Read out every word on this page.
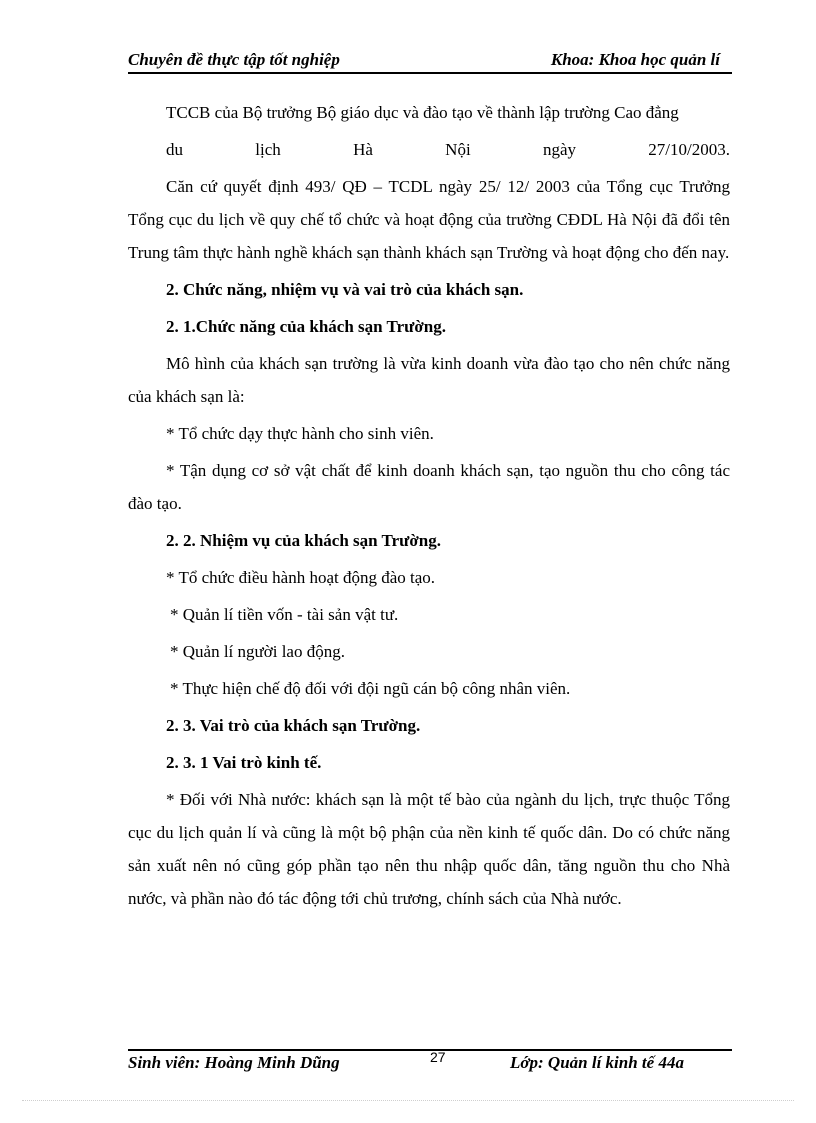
Chuyên đề thực tập tốt nghiệp	Khoa: Khoa học quản lí

TCCB của Bộ trưởng Bộ giáo dục và đào tạo về thành lập trường Cao đẳng

du	lịch	Hà	Nội	ngày	27/10/2003.

Căn cứ quyết định 493/ QĐ – TCDL ngày 25/ 12/ 2003 của Tổng cục Trưởng Tổng cục du lịch về quy chế tổ chức và hoạt động của trường CĐDL Hà Nội đã đổi tên Trung tâm thực hành nghề khách sạn thành khách sạn Trường và hoạt động cho đến nay.

2. Chức năng, nhiệm vụ và vai trò của khách sạn.

2. 1.Chức năng của khách sạn Trường.

Mô hình của khách sạn trường là vừa kinh doanh vừa đào tạo cho nên chức năng của khách sạn là:

* Tổ chức dạy thực hành cho sinh viên.

* Tận dụng cơ sở vật chất để kinh doanh khách sạn, tạo nguồn thu cho công tác đào tạo.

2. 2. Nhiệm vụ của khách sạn Trường.

* Tổ chức điều hành hoạt động đào tạo.

* Quản lí tiền vốn - tài sản vật tư.

* Quản lí người lao động.

* Thực hiện chế độ đối với đội ngũ cán bộ công nhân viên.

2. 3. Vai trò của khách sạn Trường.

2. 3. 1 Vai trò kinh tế.

* Đối với Nhà nước: khách sạn là một tế bào của ngành du lịch, trực thuộc Tổng cục du lịch quản lí và cũng là một bộ phận của nền kinh tế quốc dân. Do có chức năng sản xuất nên nó cũng góp phần tạo nên thu nhập quốc dân, tăng nguồn thu cho Nhà nước, và phần nào đó tác động tới chủ trương, chính sách của Nhà nước.

Sinh viên: Hoàng Minh Dũng	27	Lớp: Quản lí kinh tế 44a
